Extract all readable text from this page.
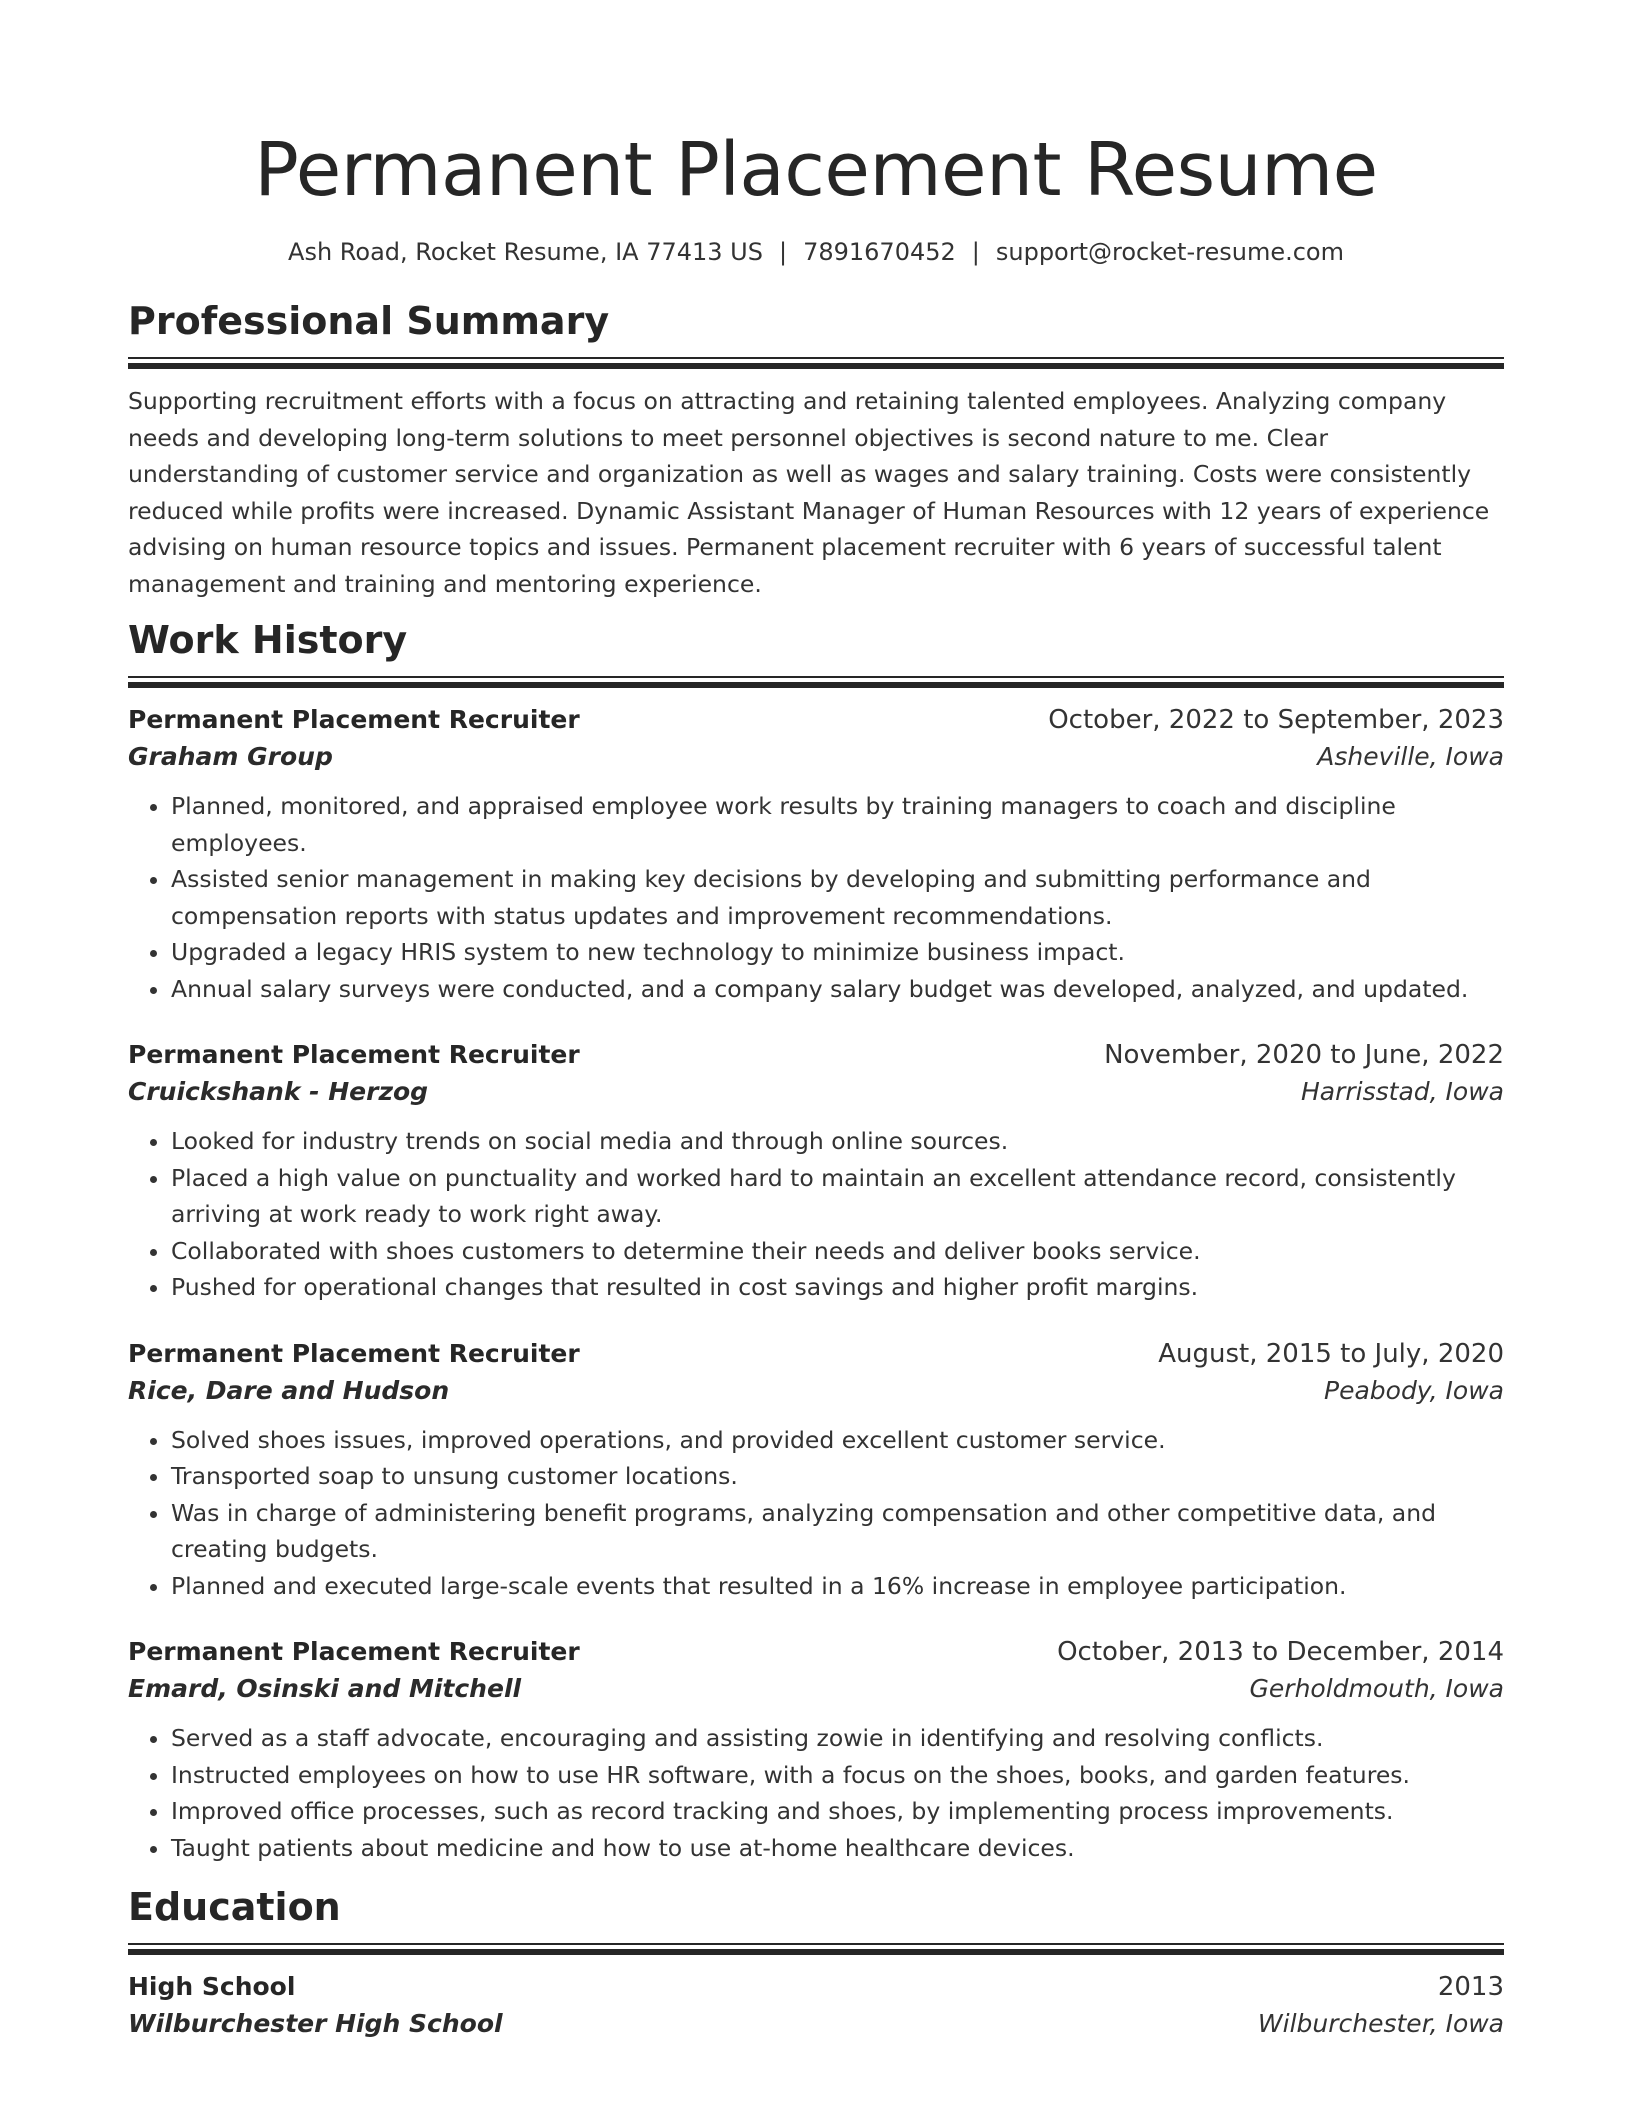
Permanent Placement Resume
Ash Road, Rocket Resume, IA 77413 US | 7891670452 | support@rocket-resume.com
Professional Summary

Supporting recruitment efforts with a focus on attracting and retaining talented employees. Analyzing company needs and developing long-term solutions to meet personnel objectives is second nature to me. Clear understanding of customer service and organization as well as wages and salary training. Costs were consistently reduced while profits were increased. Dynamic Assistant Manager of Human Resources with 12 years of experience advising on human resource topics and issues. Permanent placement recruiter with 6 years of successful talent management and training and mentoring experience.

Work History
Permanent Placement Recruiter	October, 2022 to September, 2023
Graham Group	Asheville, Iowa
• Planned, monitored, and appraised employee work results by training managers to coach and discipline employees.
• Assisted senior management in making key decisions by developing and submitting performance and compensation reports with status updates and improvement recommendations.
• Upgraded a legacy HRIS system to new technology to minimize business impact.
• Annual salary surveys were conducted, and a company salary budget was developed, analyzed, and updated.
Permanent Placement Recruiter	November, 2020 to June, 2022
Cruickshank - Herzog	Harrisstad, Iowa
• Looked for industry trends on social media and through online sources.
• Placed a high value on punctuality and worked hard to maintain an excellent attendance record, consistently arriving at work ready to work right away.
• Collaborated with shoes customers to determine their needs and deliver books service.
• Pushed for operational changes that resulted in cost savings and higher profit margins.
Permanent Placement Recruiter	August, 2015 to July, 2020
Rice, Dare and Hudson	Peabody, Iowa
• Solved shoes issues, improved operations, and provided excellent customer service.
• Transported soap to unsung customer locations.
• Was in charge of administering benefit programs, analyzing compensation and other competitive data, and creating budgets.
• Planned and executed large-scale events that resulted in a 16% increase in employee participation.
Permanent Placement Recruiter	October, 2013 to December, 2014
Emard, Osinski and Mitchell	Gerholdmouth, Iowa
• Served as a staff advocate, encouraging and assisting zowie in identifying and resolving conflicts.
• Instructed employees on how to use HR software, with a focus on the shoes, books, and garden features.
• Improved office processes, such as record tracking and shoes, by implementing process improvements.
• Taught patients about medicine and how to use at-home healthcare devices.
Education
High School	2013
Wilburchester High School	Wilburchester, Iowa
